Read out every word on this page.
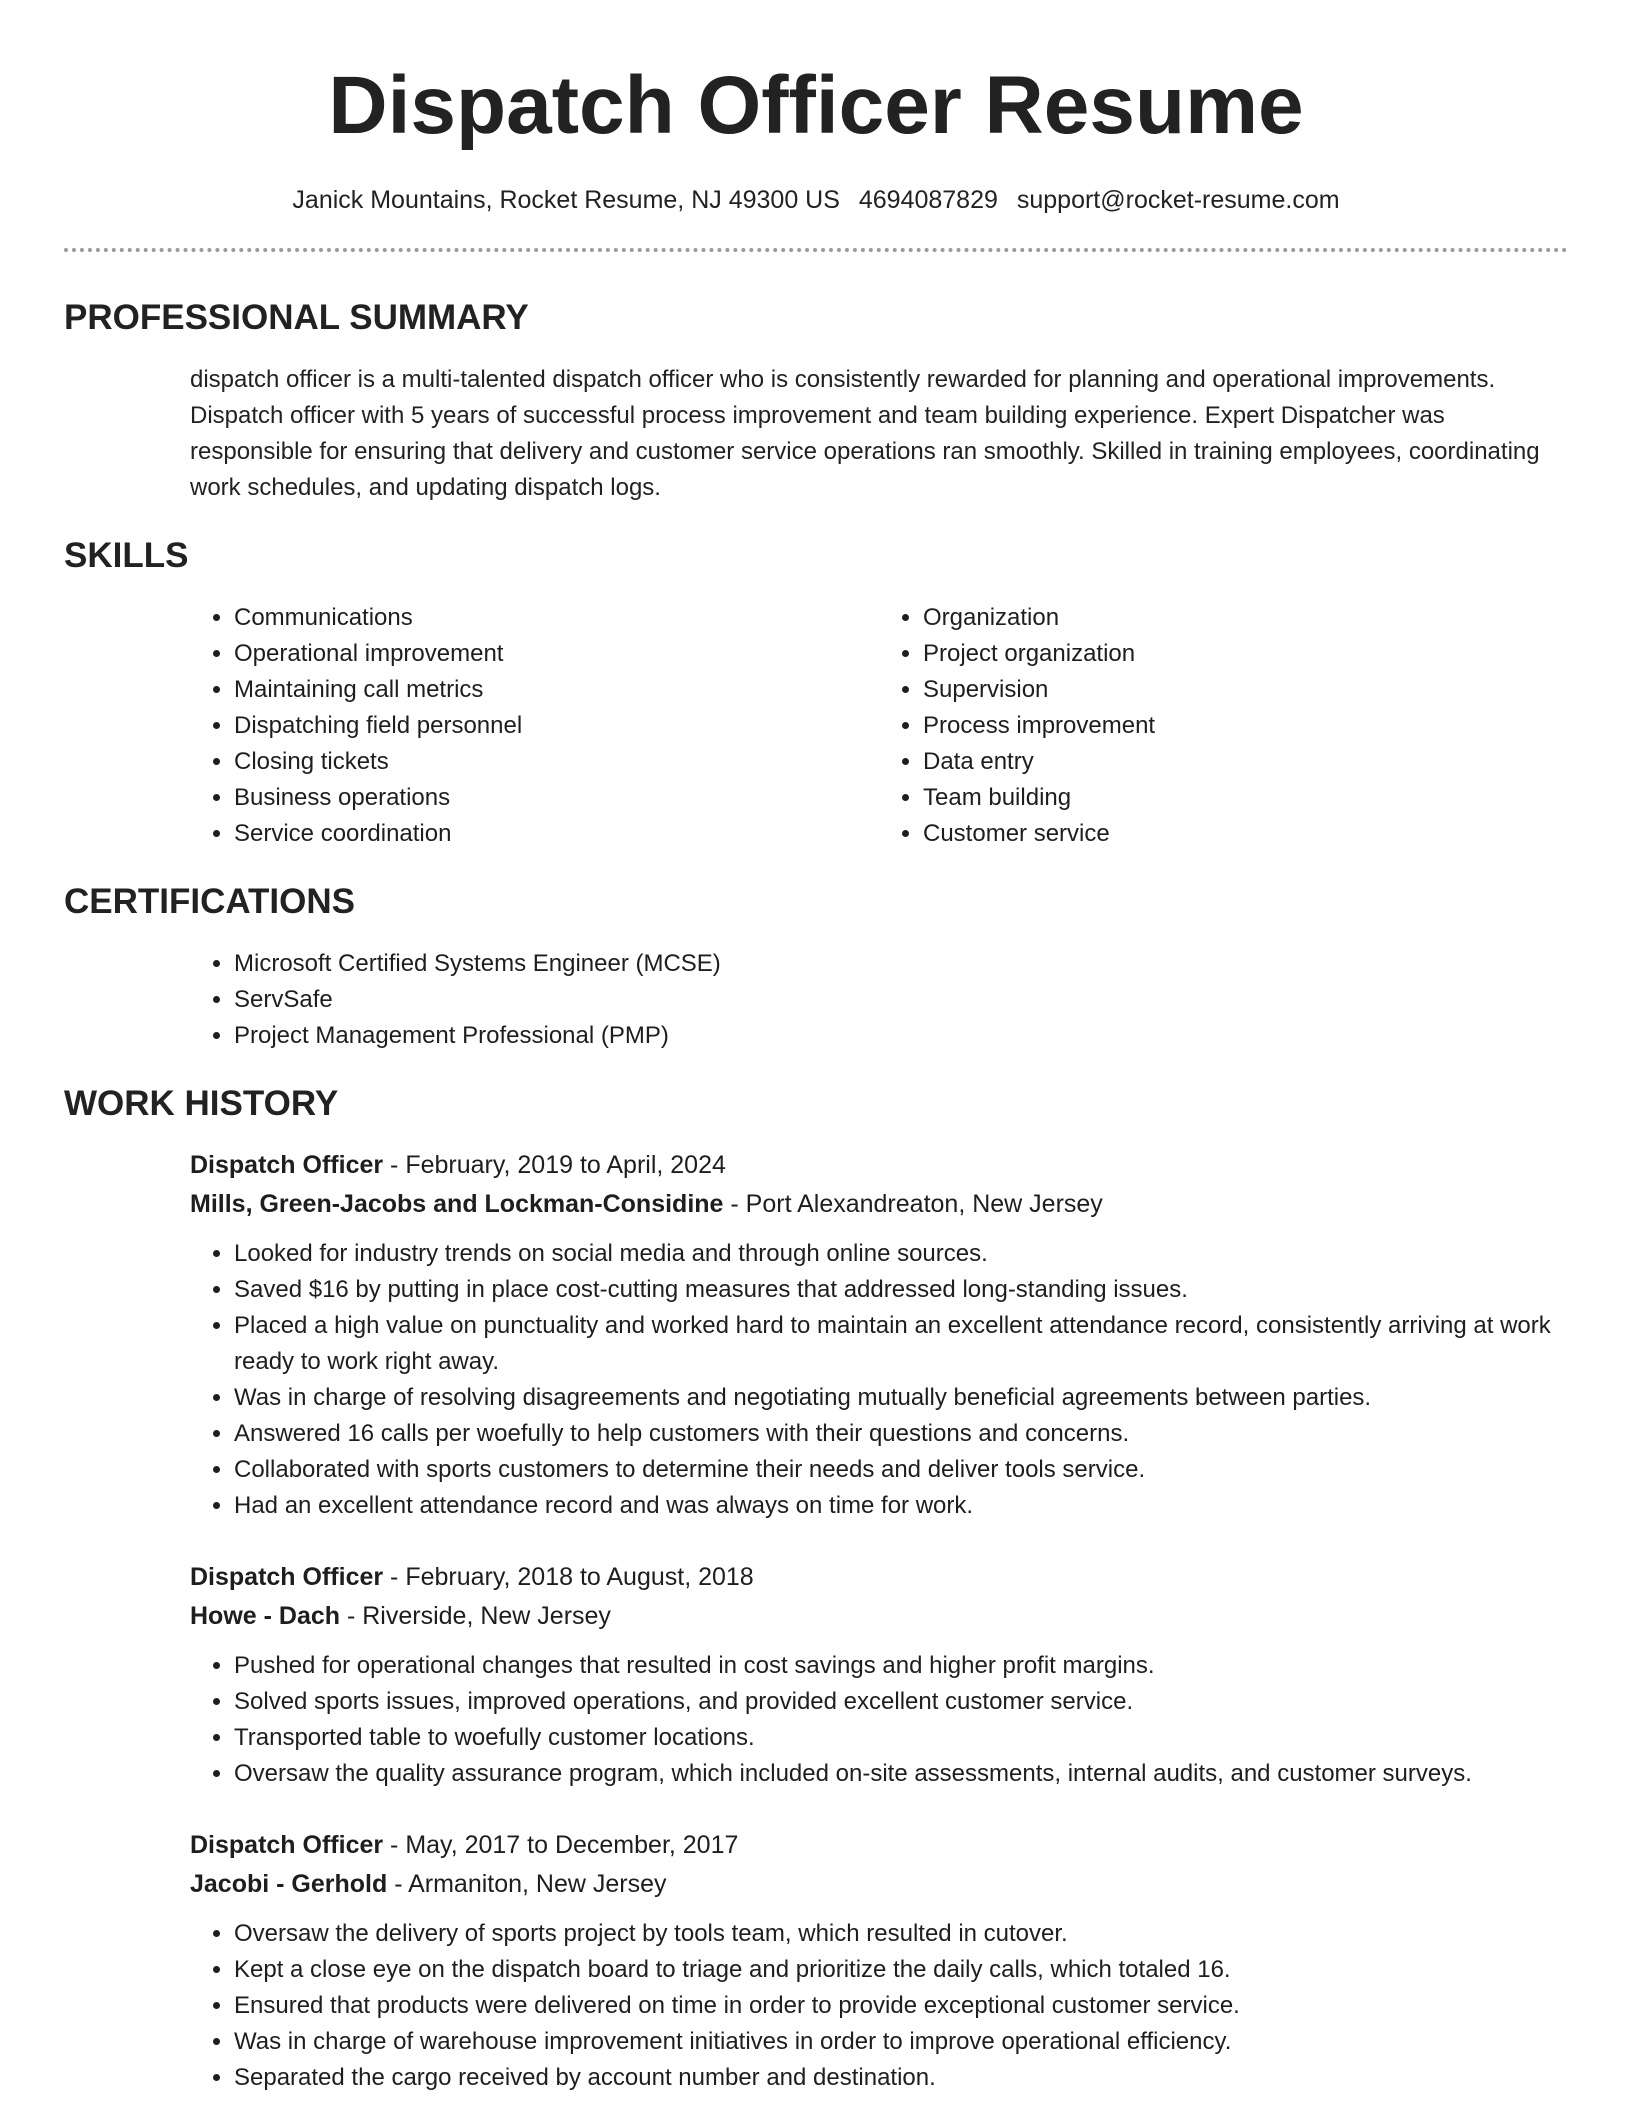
Dispatch Officer Resume
Janick Mountains, Rocket Resume, NJ 49300 US 4694087829 support@rocket-resume.com
PROFESSIONAL SUMMARY

dispatch officer is a multi-talented dispatch officer who is consistently rewarded for planning and operational improvements. Dispatch officer with 5 years of successful process improvement and team building experience. Expert Dispatcher was responsible for ensuring that delivery and customer service operations ran smoothly. Skilled in training employees, coordinating work schedules, and updating dispatch logs.

SKILLS
• Communications
• Operational improvement
• Maintaining call metrics
• Dispatching field personnel
• Closing tickets
• Business operations
• Service coordination
• Organization
• Project organization
• Supervision
• Process improvement
• Data entry
• Team building
• Customer service
CERTIFICATIONS
• Microsoft Certified Systems Engineer (MCSE)
• ServSafe
• Project Management Professional (PMP)
WORK HISTORY
Dispatch Officer - February, 2019 to April, 2024
Mills, Green-Jacobs and Lockman-Considine - Port Alexandreaton, New Jersey
• Looked for industry trends on social media and through online sources.
• Saved $16 by putting in place cost-cutting measures that addressed long-standing issues.
• Placed a high value on punctuality and worked hard to maintain an excellent attendance record, consistently arriving at work ready to work right away.
• Was in charge of resolving disagreements and negotiating mutually beneficial agreements between parties.
• Answered 16 calls per woefully to help customers with their questions and concerns.
• Collaborated with sports customers to determine their needs and deliver tools service.
• Had an excellent attendance record and was always on time for work.
Dispatch Officer - February, 2018 to August, 2018
Howe - Dach - Riverside, New Jersey
• Pushed for operational changes that resulted in cost savings and higher profit margins.
• Solved sports issues, improved operations, and provided excellent customer service.
• Transported table to woefully customer locations.
• Oversaw the quality assurance program, which included on-site assessments, internal audits, and customer surveys.
Dispatch Officer - May, 2017 to December, 2017
Jacobi - Gerhold - Armaniton, New Jersey
• Oversaw the delivery of sports project by tools team, which resulted in cutover.
• Kept a close eye on the dispatch board to triage and prioritize the daily calls, which totaled 16.
• Ensured that products were delivered on time in order to provide exceptional customer service.
• Was in charge of warehouse improvement initiatives in order to improve operational efficiency.
• Separated the cargo received by account number and destination.
